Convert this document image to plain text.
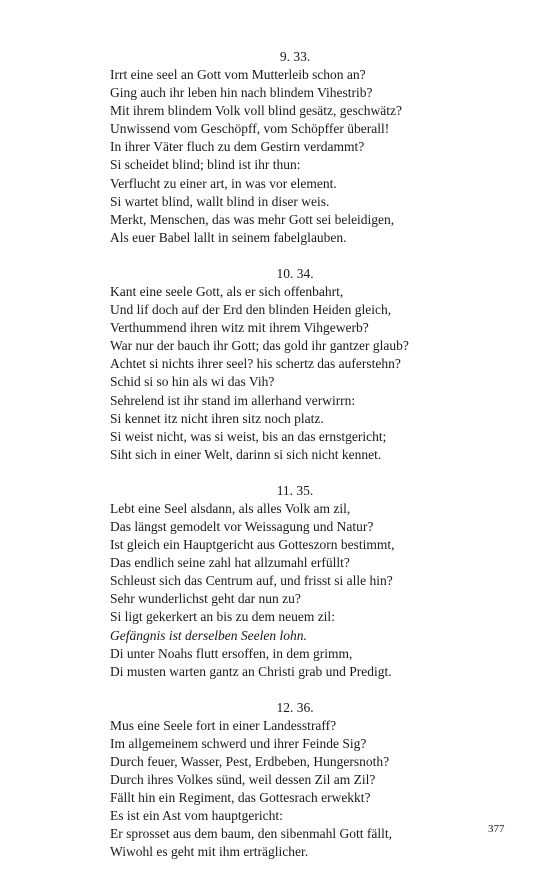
9. 33.
Irrt eine seel an Gott vom Mutterleib schon an?
Ging auch ihr leben hin nach blindem Vihestrib?
Mit ihrem blindem Volk voll blind gesätz, geschwätz?
Unwissend vom Geschöpff, vom Schöpffer überall!
In ihrer Väter fluch zu dem Gestirn verdammt?
Si scheidet blind; blind ist ihr thun:
Verflucht zu einer art, in was vor element.
Si wartet blind, wallt blind in diser weis.
Merkt, Menschen, das was mehr Gott sei beleidigen,
Als euer Babel lallt in seinem fabelglauben.
10. 34.
Kant eine seele Gott, als er sich offenbahrt,
Und lif doch auf der Erd den blinden Heiden gleich,
Verthummend ihren witz mit ihrem Vihgewerb?
War nur der bauch ihr Gott; das gold ihr gantzer glaub?
Achtet si nichts ihrer seel? his schertz das auferstehn?
Schid si so hin als wi das Vih?
Sehrelend ist ihr stand im allerhand verwirrn:
Si kennet itz nicht ihren sitz noch platz.
Si weist nicht, was si weist, bis an das ernstgericht;
Siht sich in einer Welt, darinn si sich nicht kennet.
11. 35.
Lebt eine Seel alsdann, als alles Volk am zil,
Das längst gemodelt vor Weissagung und Natur?
Ist gleich ein Hauptgericht aus Gotteszorn bestimmt,
Das endlich seine zahl hat allzumahl erfüllt?
Schleust sich das Centrum auf, und frisst si alle hin?
Sehr wunderlichst geht dar nun zu?
Si ligt gekerkert an bis zu dem neuem zil:
Gefängnis ist derselben Seelen lohn.
Di unter Noahs flutt ersoffen, in dem grimm,
Di musten warten gantz an Christi grab und Predigt.
12. 36.
Mus eine Seele fort in einer Landesstraff?
Im allgemeinem schwerd und ihrer Feinde Sig?
Durch feuer, Wasser, Pest, Erdbeben, Hungersnoth?
Durch ihres Volkes sünd, weil dessen Zil am Zil?
Fällt hin ein Regiment, das Gottesrach erwekkt?
Es ist ein Ast vom hauptgericht:
Er sprosset aus dem baum, den sibenmahl Gott fällt,
Wiwohl es geht mit ihm erträglicher.
377
